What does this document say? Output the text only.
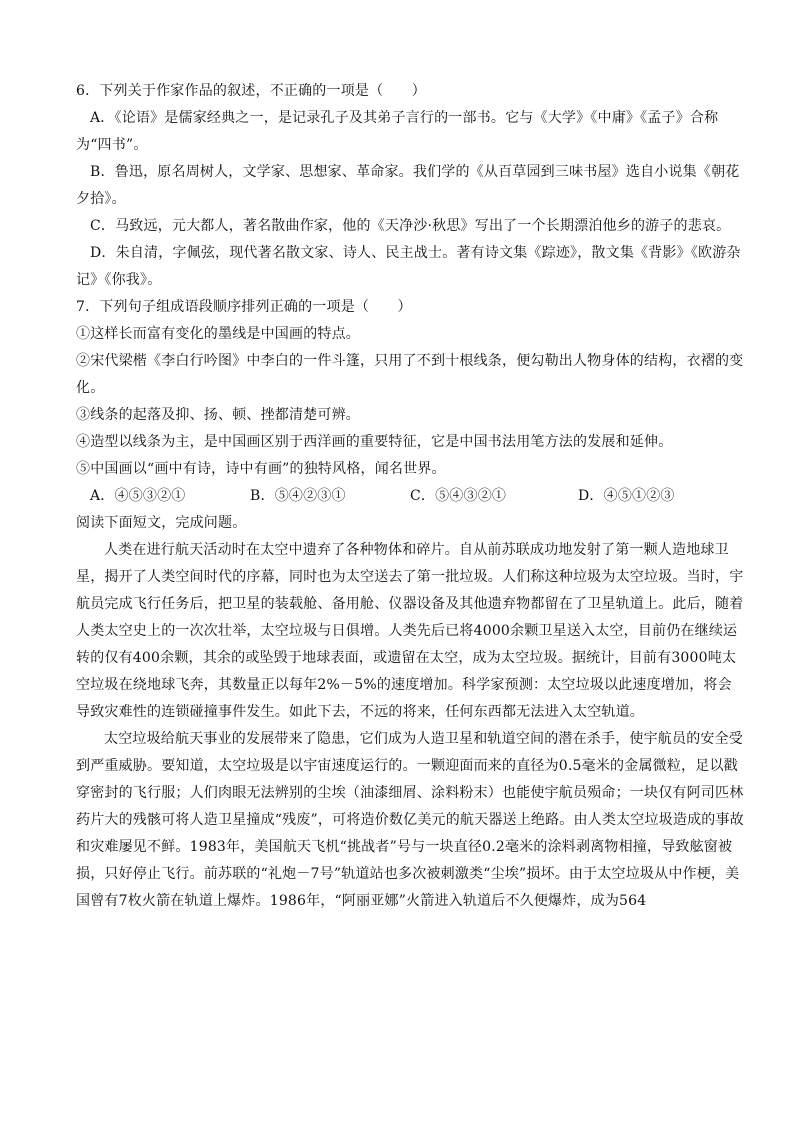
6．下列关于作家作品的叙述，不正确的一项是（　　）

A．《论语》是儒家经典之一，是记录孔子及其弟子言行的一部书。它与《大学》《中庸》《孟子》合称为“四书”。

B．鲁迅，原名周树人，文学家、思想家、革命家。我们学的《从百草园到三味书屋》选自小说集《朝花夕拾》。

C．马致远，元大都人，著名散曲作家，他的《天净沙·秋思》写出了一个长期漂泊他乡的游子的悲哀。

D．朱自清，字佩弦，现代著名散文家、诗人、民主战士。著有诗文集《踪迹》，散文集《背影》《欧游杂记》《你我》。

7．下列句子组成语段顺序排列正确的一项是（　　）

①这样长而富有变化的墨线是中国画的特点。

②宋代梁楷《李白行吟图》中李白的一件斗篷，只用了不到十根线条，便勾勒出人物身体的结构，衣褶的变化。

③线条的起落及抑、扬、顿、挫都清楚可辨。

④造型以线条为主，是中国画区别于西洋画的重要特征，它是中国书法用笔方法的发展和延伸。

⑤中国画以“画中有诗，诗中有画”的独特风格，闻名世界。

A．④⑤③②①	B．⑤④②③①	C．⑤④③②①	D．④⑤①②③

阅读下面短文，完成问题。

人类在进行航天活动时在太空中遗弃了各种物体和碎片。自从前苏联成功地发射了第一颗人造地球卫星，揭开了人类空间时代的序幕，同时也为太空送去了第一批垃圾。人们称这种垃圾为太空垃圾。当时，宇航员完成飞行任务后，把卫星的装载舱、备用舱、仪器设备及其他遗弃物都留在了卫星轨道上。此后，随着人类太空史上的一次次壮举，太空垃圾与日俱增。人类先后已将4000余颗卫星送入太空，目前仍在继续运转的仅有400余颗，其余的或坠毁于地球表面，或遗留在太空，成为太空垃圾。据统计，目前有3000吨太空垃圾在绕地球飞奔，其数量正以每年2%－5%的速度增加。科学家预测：太空垃圾以此速度增加，将会导致灾难性的连锁碰撞事件发生。如此下去，不远的将来，任何东西都无法进入太空轨道。

太空垃圾给航天事业的发展带来了隐患，它们成为人造卫星和轨道空间的潜在杀手，使宇航员的安全受到严重威胁。要知道，太空垃圾是以宇宙速度运行的。一颗迎面而来的直径为0.5毫米的金属微粒，足以戳穿密封的飞行服；人们肉眼无法辨别的尘埃（油漆细屑、涂料粉末）也能使宇航员殒命；一块仅有阿司匹林药片大的残骸可将人造卫星撞成“残废”，可将造价数亿美元的航天器送上绝路。由人类太空垃圾造成的事故和灾难屡见不鲜。1983年，美国航天飞机“挑战者”号与一块直径0.2毫米的涂料剥离物相撞，导致舷窗被损，只好停止飞行。前苏联的“礼炮－7号”轨道站也多次被刺激类“尘埃”损坏。由于太空垃圾从中作梗，美国曾有7枚火箭在轨道上爆炸。1986年，“阿丽亚娜”火箭进入轨道后不久便爆炸，成为564
